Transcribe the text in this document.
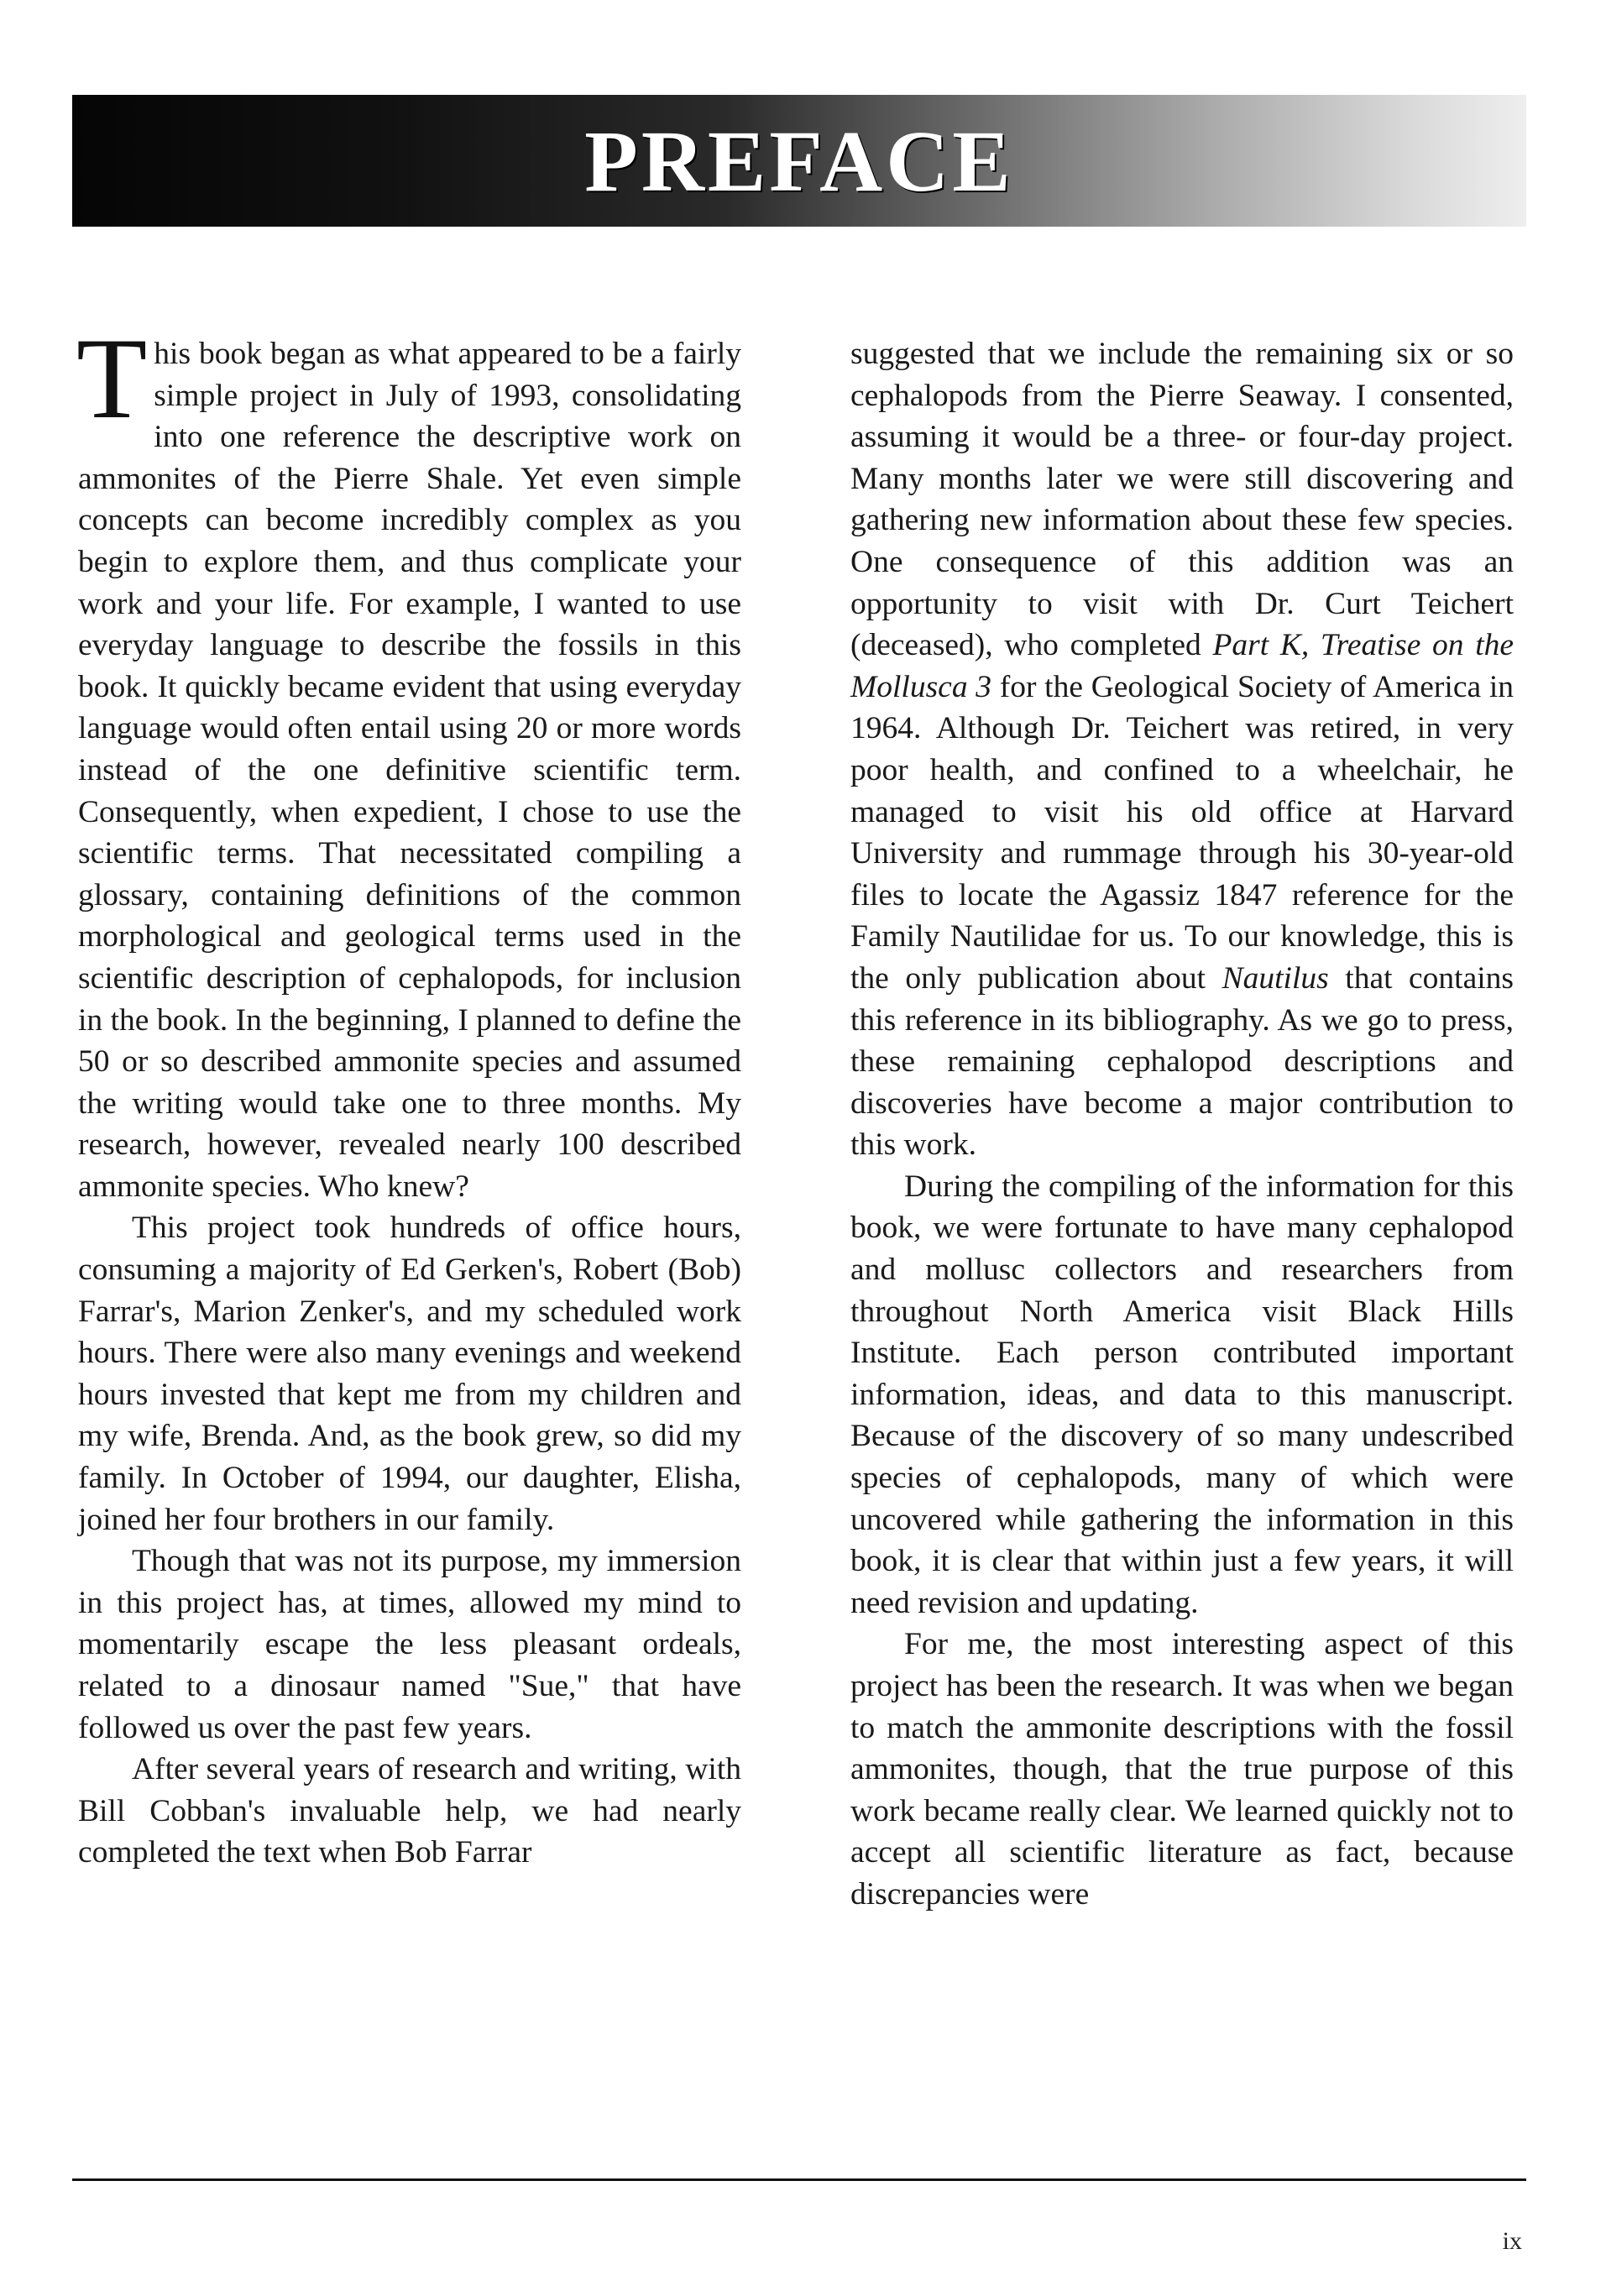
PREFACE

This book began as what appeared to be a fairly simple project in July of 1993, consolidating into one reference the descriptive work on ammonites of the Pierre Shale. Yet even simple concepts can become incredibly complex as you begin to explore them, and thus complicate your work and your life. For example, I wanted to use everyday language to describe the fossils in this book. It quickly became evident that using everyday language would often entail using 20 or more words instead of the one definitive scientific term. Consequently, when expedient, I chose to use the scientific terms. That necessitated compiling a glossary, containing definitions of the common morphological and geological terms used in the scientific description of cephalopods, for inclusion in the book. In the beginning, I planned to define the 50 or so described ammonite species and assumed the writing would take one to three months. My research, however, revealed nearly 100 described ammonite species. Who knew?

This project took hundreds of office hours, consuming a majority of Ed Gerken's, Robert (Bob) Farrar's, Marion Zenker's, and my scheduled work hours. There were also many evenings and weekend hours invested that kept me from my children and my wife, Brenda. And, as the book grew, so did my family. In October of 1994, our daughter, Elisha, joined her four brothers in our family.

Though that was not its purpose, my immersion in this project has, at times, allowed my mind to momentarily escape the less pleasant ordeals, related to a dinosaur named "Sue," that have followed us over the past few years.

After several years of research and writing, with Bill Cobban's invaluable help, we had nearly completed the text when Bob Farrar

suggested that we include the remaining six or so cephalopods from the Pierre Seaway. I consented, assuming it would be a three- or four-day project. Many months later we were still discovering and gathering new information about these few species. One consequence of this addition was an opportunity to visit with Dr. Curt Teichert (deceased), who completed Part K, Treatise on the Mollusca 3 for the Geological Society of America in 1964. Although Dr. Teichert was retired, in very poor health, and confined to a wheelchair, he managed to visit his old office at Harvard University and rummage through his 30-year-old files to locate the Agassiz 1847 reference for the Family Nautilidae for us. To our knowledge, this is the only publication about Nautilus that contains this reference in its bibliography. As we go to press, these remaining cephalopod descriptions and discoveries have become a major contribution to this work.

During the compiling of the information for this book, we were fortunate to have many cephalopod and mollusc collectors and researchers from throughout North America visit Black Hills Institute. Each person contributed important information, ideas, and data to this manuscript. Because of the discovery of so many undescribed species of cephalopods, many of which were uncovered while gathering the information in this book, it is clear that within just a few years, it will need revision and updating.

For me, the most interesting aspect of this project has been the research. It was when we began to match the ammonite descriptions with the fossil ammonites, though, that the true purpose of this work became really clear. We learned quickly not to accept all scientific literature as fact, because discrepancies were

ix
